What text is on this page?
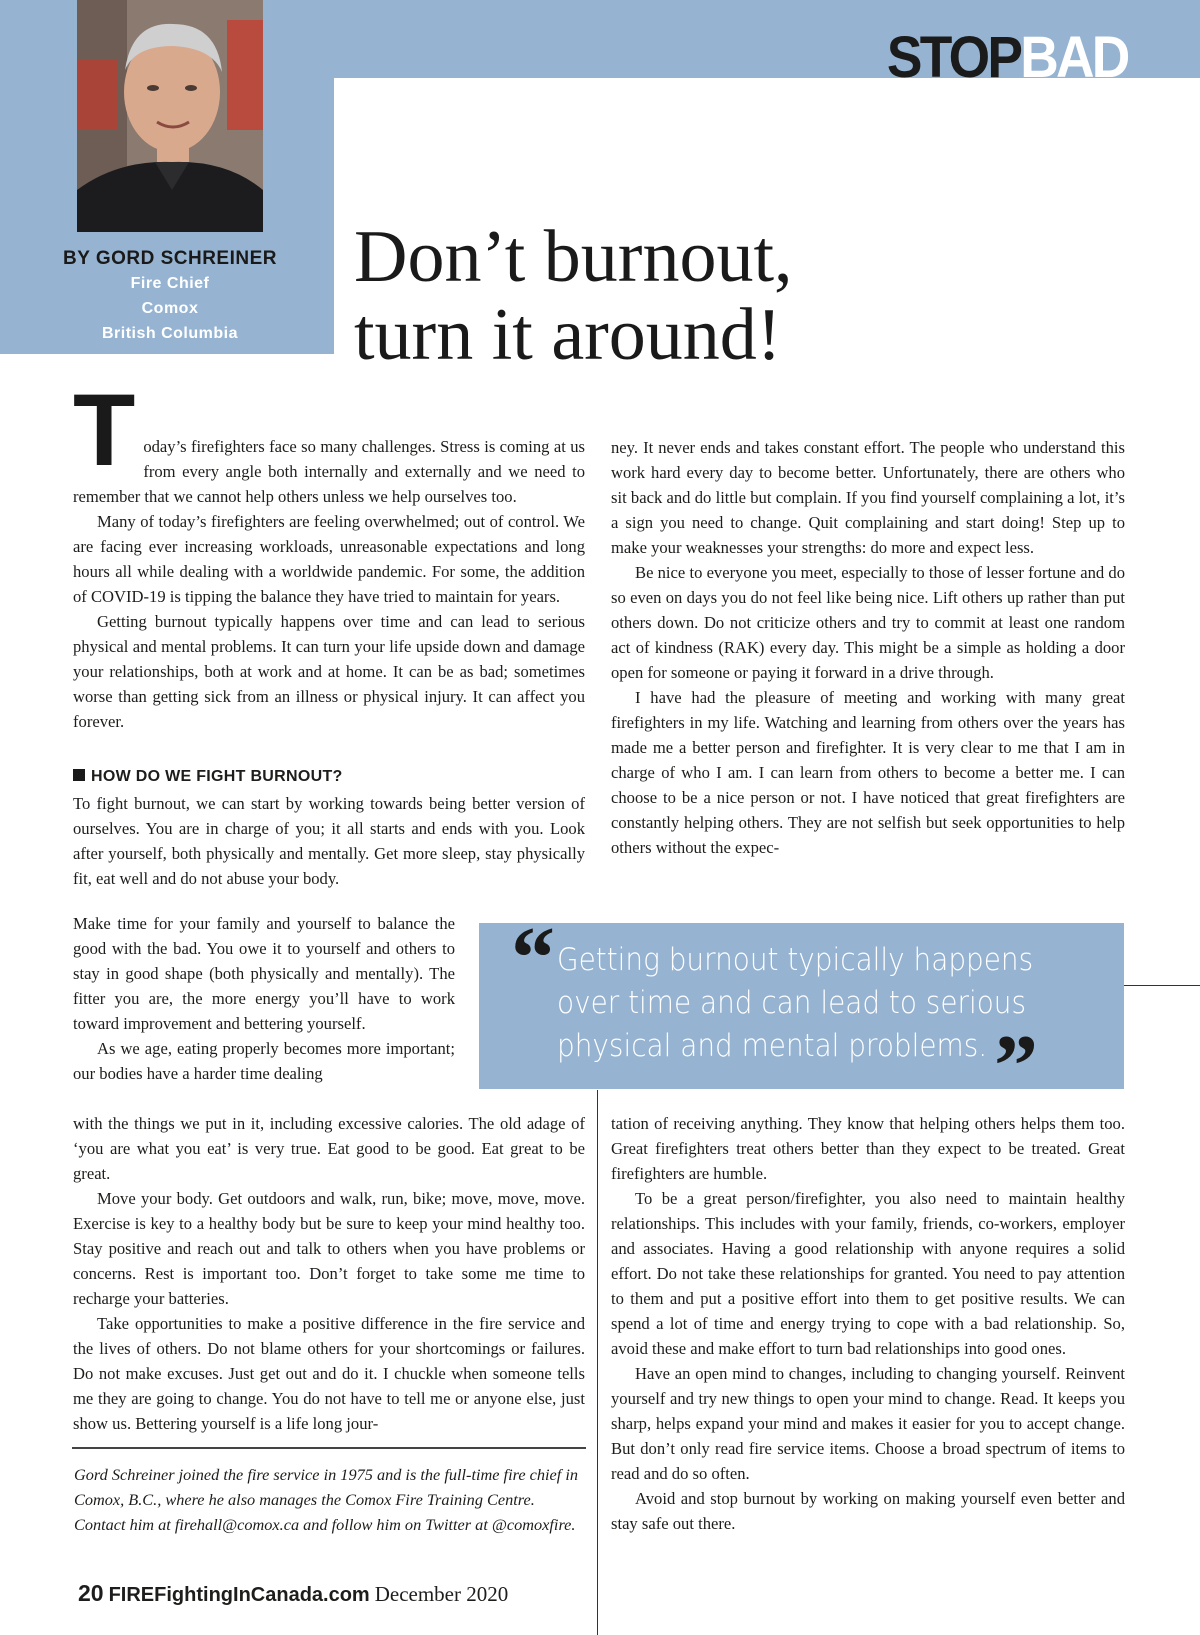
STOPBAD
BY GORD SCHREINER
Fire Chief
Comox
British Columbia
Don’t burnout,
turn it around!
T oday’s firefighters face so many challenges. Stress is coming at us from every angle both internally and externally and we need to remember that we cannot help others unless we help ourselves too.

Many of today’s firefighters are feeling overwhelmed; out of control. We are facing ever increasing workloads, unreasonable expectations and long hours all while dealing with a worldwide pandemic. For some, the addition of COVID-19 is tipping the balance they have tried to maintain for years.

Getting burnout typically happens over time and can lead to serious physical and mental problems. It can turn your life upside down and damage your relationships, both at work and at home. It can be as bad; sometimes worse than getting sick from an illness or physical injury. It can affect you forever.

HOW DO WE FIGHT BURNOUT?

To fight burnout, we can start by working towards being better version of ourselves. You are in charge of you; it all starts and ends with you. Look after yourself, both physically and mentally. Get more sleep, stay physically fit, eat well and do not abuse your body.

Make time for your family and yourself to balance the good with the bad. You owe it to yourself and others to stay in good shape (both physically and mentally). The fitter you are, the more energy you’ll have to work toward improvement and bettering yourself.

As we age, eating properly becomes more important; our bodies have a harder time dealing

with the things we put in it, including excessive calories. The old adage of ‘you are what you eat’ is very true. Eat good to be good. Eat great to be great.

Move your body. Get outdoors and walk, run, bike; move, move, move. Exercise is key to a healthy body but be sure to keep your mind healthy too. Stay positive and reach out and talk to others when you have problems or concerns. Rest is important too. Don’t forget to take some me time to recharge your batteries.

Take opportunities to make a positive difference in the fire service and the lives of others. Do not blame others for your shortcomings or failures. Do not make excuses. Just get out and do it. I chuckle when someone tells me they are going to change. You do not have to tell me or anyone else, just show us. Bettering yourself is a life long jour-

ney. It never ends and takes constant effort. The people who understand this work hard every day to become better. Unfortunately, there are others who sit back and do little but complain. If you find yourself complaining a lot, it’s a sign you need to change. Quit complaining and start doing! Step up to make your weaknesses your strengths: do more and expect less.

Be nice to everyone you meet, especially to those of lesser fortune and do so even on days you do not feel like being nice. Lift others up rather than put others down. Do not criticize others and try to commit at least one random act of kindness (RAK) every day. This might be a simple as holding a door open for someone or paying it forward in a drive through.

I have had the pleasure of meeting and working with many great firefighters in my life. Watching and learning from others over the years has made me a better person and firefighter. It is very clear to me that I am in charge of who I am. I can learn from others to become a better me. I can choose to be a nice person or not. I have noticed that great firefighters are constantly helping others. They are not selfish but seek opportunities to help others without the expec-

“ Getting burnout typically happens over time and can lead to serious physical and mental problems. ”

tation of receiving anything. They know that helping others helps them too. Great firefighters treat others better than they expect to be treated. Great firefighters are humble.

To be a great person/firefighter, you also need to maintain healthy relationships. This includes with your family, friends, co-workers, employer and associates. Having a good relationship with anyone requires a solid effort. Do not take these relationships for granted. You need to pay attention to them and put a positive effort into them to get positive results. We can spend a lot of time and energy trying to cope with a bad relationship. So, avoid these and make effort to turn bad relationships into good ones.

Have an open mind to changes, including to changing yourself. Reinvent yourself and try new things to open your mind to change. Read. It keeps you sharp, helps expand your mind and makes it easier for you to accept change. But don’t only read fire service items. Choose a broad spectrum of items to read and do so often.

Avoid and stop burnout by working on making yourself even better and stay safe out there.

Gord Schreiner joined the fire service in 1975 and is the full-time fire chief in Comox, B.C., where he also manages the Comox Fire Training Centre. Contact him at firehall@comox.ca and follow him on Twitter at @comoxfire.
20 FIREFightingInCanada.com December 2020
